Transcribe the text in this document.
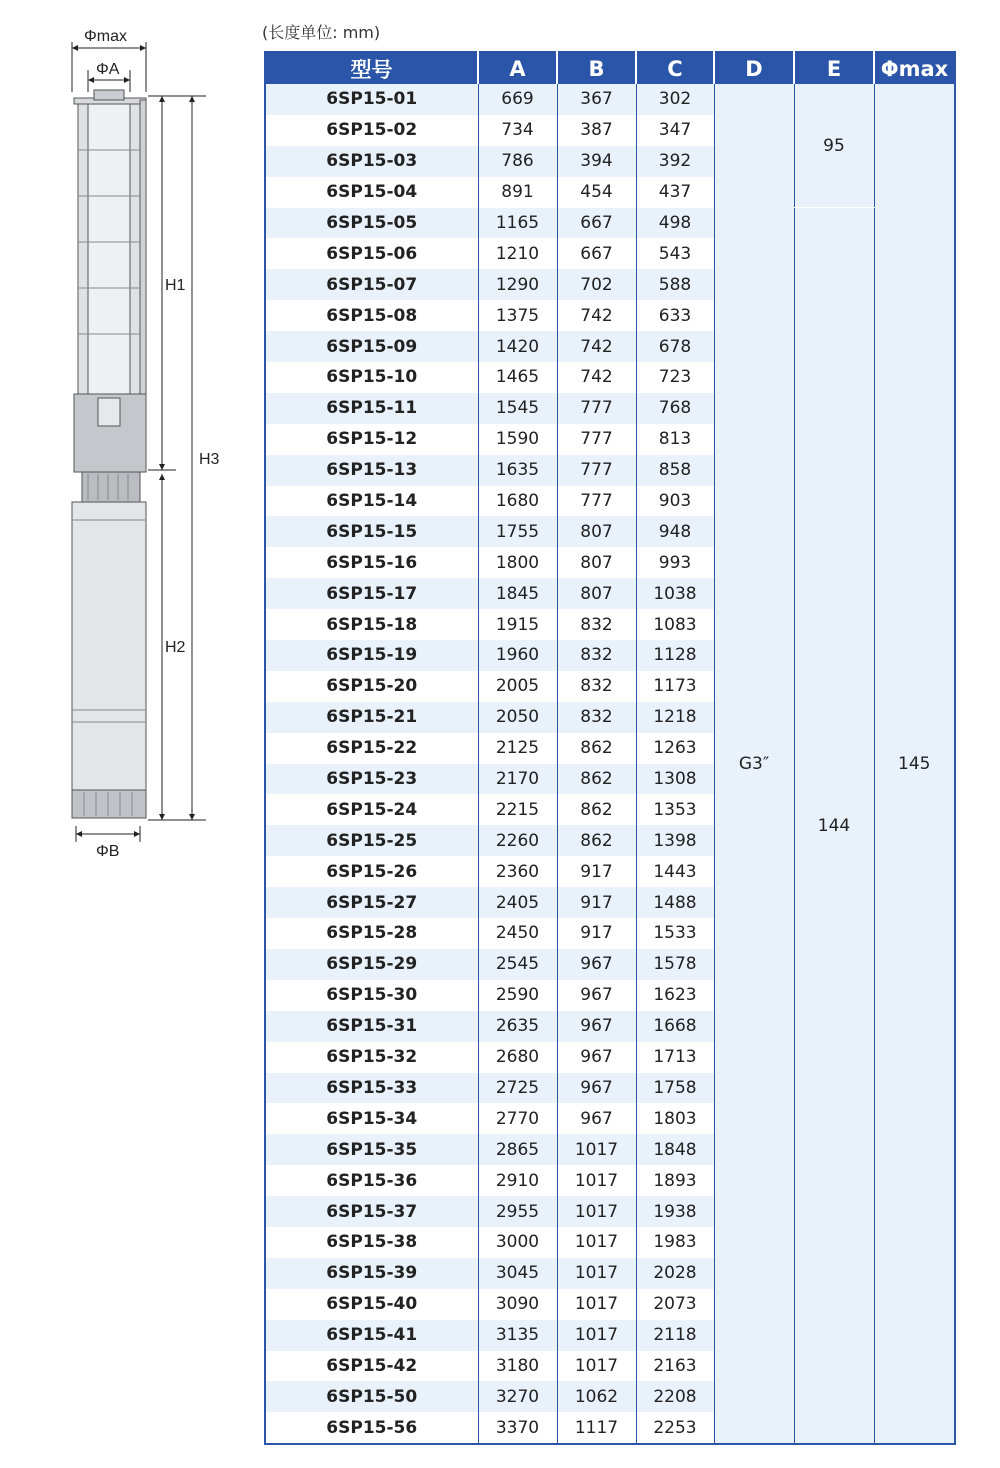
Φmax
ΦA
ΦB
H1
H2
H3
(长度单位: mm)
型号	A	B	C	D	E	Φmax
6SP15-01	669	367	302	G3″	95	145
6SP15-02	734	387	347			
6SP15-03	786	394	392			
6SP15-04	891	454	437			
6SP15-05	1165	667	498		144	
6SP15-06	1210	667	543			
6SP15-07	1290	702	588			
6SP15-08	1375	742	633			
6SP15-09	1420	742	678			
6SP15-10	1465	742	723			
6SP15-11	1545	777	768			
6SP15-12	1590	777	813			
6SP15-13	1635	777	858			
6SP15-14	1680	777	903			
6SP15-15	1755	807	948			
6SP15-16	1800	807	993			
6SP15-17	1845	807	1038			
6SP15-18	1915	832	1083			
6SP15-19	1960	832	1128			
6SP15-20	2005	832	1173			
6SP15-21	2050	832	1218			
6SP15-22	2125	862	1263			
6SP15-23	2170	862	1308			
6SP15-24	2215	862	1353			
6SP15-25	2260	862	1398			
6SP15-26	2360	917	1443			
6SP15-27	2405	917	1488			
6SP15-28	2450	917	1533			
6SP15-29	2545	967	1578			
6SP15-30	2590	967	1623			
6SP15-31	2635	967	1668			
6SP15-32	2680	967	1713			
6SP15-33	2725	967	1758			
6SP15-34	2770	967	1803			
6SP15-35	2865	1017	1848			
6SP15-36	2910	1017	1893			
6SP15-37	2955	1017	1938			
6SP15-38	3000	1017	1983			
6SP15-39	3045	1017	2028			
6SP15-40	3090	1017	2073			
6SP15-41	3135	1017	2118			
6SP15-42	3180	1017	2163			
6SP15-50	3270	1062	2208			
6SP15-56	3370	1117	2253			
